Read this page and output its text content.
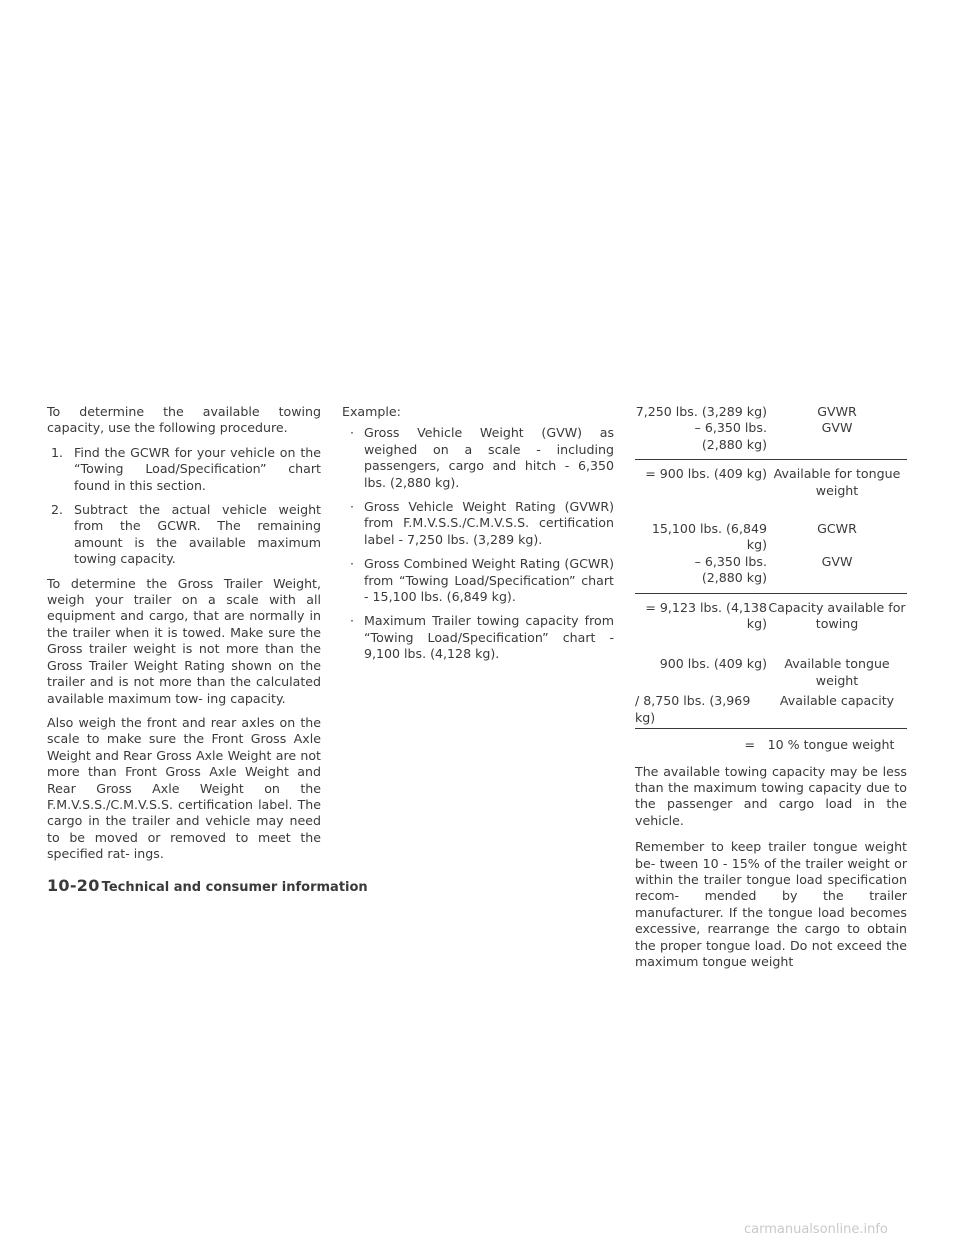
To determine the available towing capacity, use the following procedure.

1. Find the GCWR for your vehicle on the “Towing Load/Specification” chart found in this section.
2. Subtract the actual vehicle weight from the GCWR. The remaining amount is the available maximum towing capacity.

To determine the Gross Trailer Weight, weigh your trailer on a scale with all equipment and cargo, that are normally in the trailer when it is towed. Make sure the Gross trailer weight is not more than the Gross Trailer Weight Rating shown on the trailer and is not more than the calculated available maximum tow- ing capacity.

Also weigh the front and rear axles on the scale to make sure the Front Gross Axle Weight and Rear Gross Axle Weight are not more than Front Gross Axle Weight and Rear Gross Axle Weight on the F.M.V.S.S./C.M.V.S.S. certification label. The cargo in the trailer and vehicle may need to be moved or removed to meet the specified rat- ings.

Example:

· Gross Vehicle Weight (GVW) as weighed on a scale - including passengers, cargo and hitch - 6,350 lbs. (2,880 kg).
· Gross Vehicle Weight Rating (GVWR) from F.M.V.S.S./C.M.V.S.S. certification label - 7,250 lbs. (3,289 kg).
· Gross Combined Weight Rating (GCWR) from “Towing Load/Specification” chart - 15,100 lbs. (6,849 kg).
· Maximum Trailer towing capacity from “Towing Load/Specification” chart - 9,100 lbs. (4,128 kg).
7,250 lbs. (3,289 kg)	GVWR
– 6,350 lbs.
(2,880 kg)
GVW
= 900 lbs. (409 kg) Available for tongue
weight
15,100 lbs. (6,849 kg)
GCWR
– 6,350 lbs.
(2,880 kg)
GVW
= 9,123 lbs. (4,138 kg)
Capacity available for
towing
900 lbs. (409 kg)	Available tongue
weight
/ 8,750 lbs. (3,969 kg)
Available capacity
= 10 % tongue weight

The available towing capacity may be less than the maximum towing capacity due to the passenger and cargo load in the vehicle.

Remember to keep trailer tongue weight be- tween 10 - 15% of the trailer weight or within the trailer tongue load specification recom- mended by the trailer manufacturer. If the tongue load becomes excessive, rearrange the cargo to obtain the proper tongue load. Do not exceed the maximum tongue weight

10-20 Technical and consumer information
carmanualsonline.info
